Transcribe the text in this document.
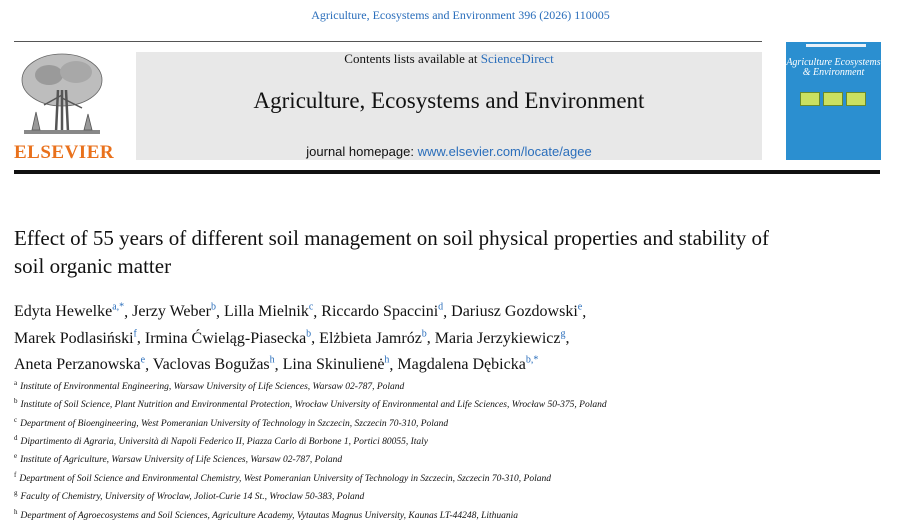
Agriculture, Ecosystems and Environment 396 (2026) 110005
ELSEVIER
Contents lists available at ScienceDirect
Agriculture, Ecosystems and Environment
journal homepage: www.elsevier.com/locate/agee
Agriculture Ecosystems & Environment
Effect of 55 years of different soil management on soil physical properties and stability of soil organic matter
Edyta Hewelke$^{a,*}$, Jerzy Weber$^b$, Lilla Mielnik$^c$, Riccardo Spaccini$^d$, Dariusz Gozdowski$^e$,
Marek Podlasiński$^f$, Irmina Ćwieląg-Piasecka$^b$, Elżbieta Jamróz$^b$, Maria Jerzykiewicz$^g$,
Aneta Perzanowska$^e$, Vaclovas Bogužas$^h$, Lina Skinulienė$^h$, Magdalena Dębicka$^{b,*}$
$^a$ Institute of Environmental Engineering, Warsaw University of Life Sciences, Warsaw 02-787, Poland
$^b$ Institute of Soil Science, Plant Nutrition and Environmental Protection, Wrocław University of Environmental and Life Sciences, Wrocław 50-375, Poland
$^c$ Department of Bioengineering, West Pomeranian University of Technology in Szczecin, Szczecin 70-310, Poland
$^d$ Dipartimento di Agraria, Università di Napoli Federico II, Piazza Carlo di Borbone 1, Portici 80055, Italy
$^e$ Institute of Agriculture, Warsaw University of Life Sciences, Warsaw 02-787, Poland
$^f$ Department of Soil Science and Environmental Chemistry, West Pomeranian University of Technology in Szczecin, Szczecin 70-310, Poland
$^g$ Faculty of Chemistry, University of Wroclaw, Joliot-Curie 14 St., Wroclaw 50-383, Poland
$^h$ Department of Agroecosystems and Soil Sciences, Agriculture Academy, Vytautas Magnus University, Kaunas LT-44248, Lithuania
